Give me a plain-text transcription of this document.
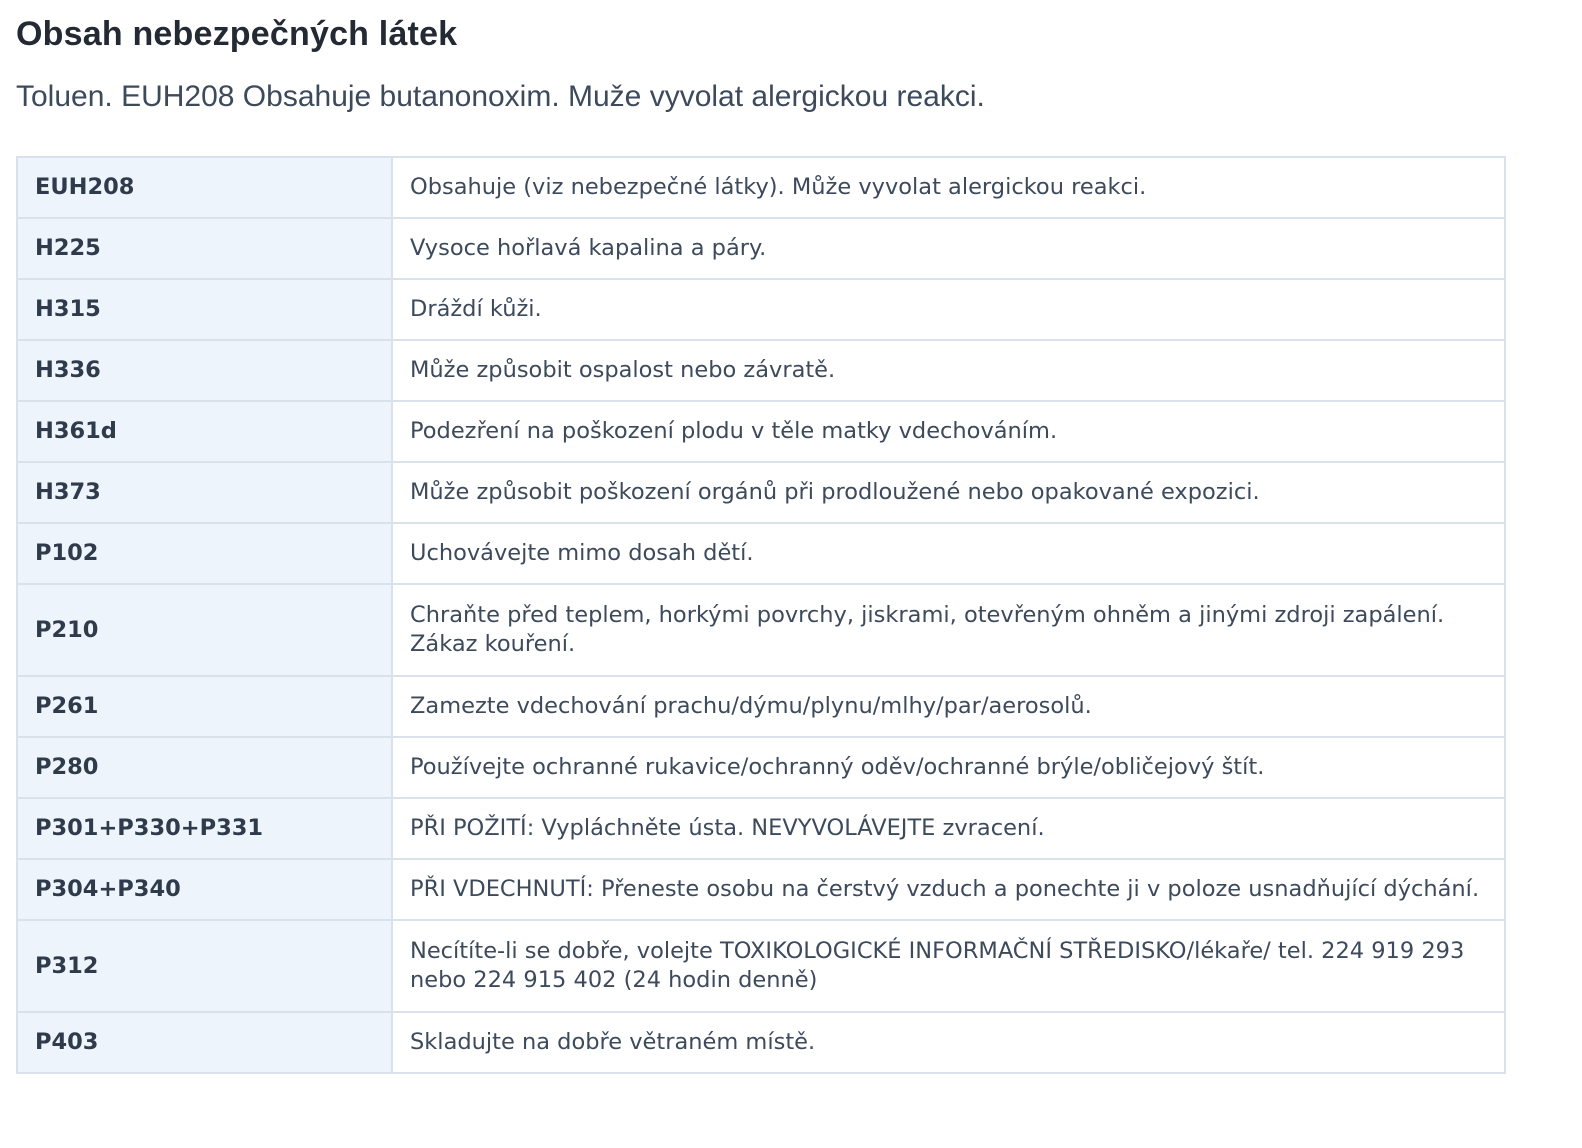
Obsah nebezpečných látek

Toluen. EUH208 Obsahuje butanonoxim. Muže vyvolat alergickou reakci.

EUH208	Obsahuje (viz nebezpečné látky). Může vyvolat alergickou reakci.
H225	Vysoce hořlavá kapalina a páry.
H315	Dráždí kůži.
H336	Může způsobit ospalost nebo závratě.
H361d	Podezření na poškození plodu v těle matky vdechováním.
H373	Může způsobit poškození orgánů při prodloužené nebo opakované expozici.
P102	Uchovávejte mimo dosah dětí.
P210	Chraňte před teplem, horkými povrchy, jiskrami, otevřeným ohněm a jinými zdroji zapálení. Zákaz kouření.
P261	Zamezte vdechování prachu/dýmu/plynu/mlhy/par/aerosolů.
P280	Používejte ochranné rukavice/ochranný oděv/ochranné brýle/obličejový štít.
P301+P330+P331	PŘI POŽITÍ: Vypláchněte ústa. NEVYVOLÁVEJTE zvracení.
P304+P340	PŘI VDECHNUTÍ: Přeneste osobu na čerstvý vzduch a ponechte ji v poloze usnadňující dýchání.
P312	Necítíte-li se dobře, volejte TOXIKOLOGICKÉ INFORMAČNÍ STŘEDISKO/lékaře/ tel. 224 919 293 nebo 224 915 402 (24 hodin denně)
P403	Skladujte na dobře větraném místě.
